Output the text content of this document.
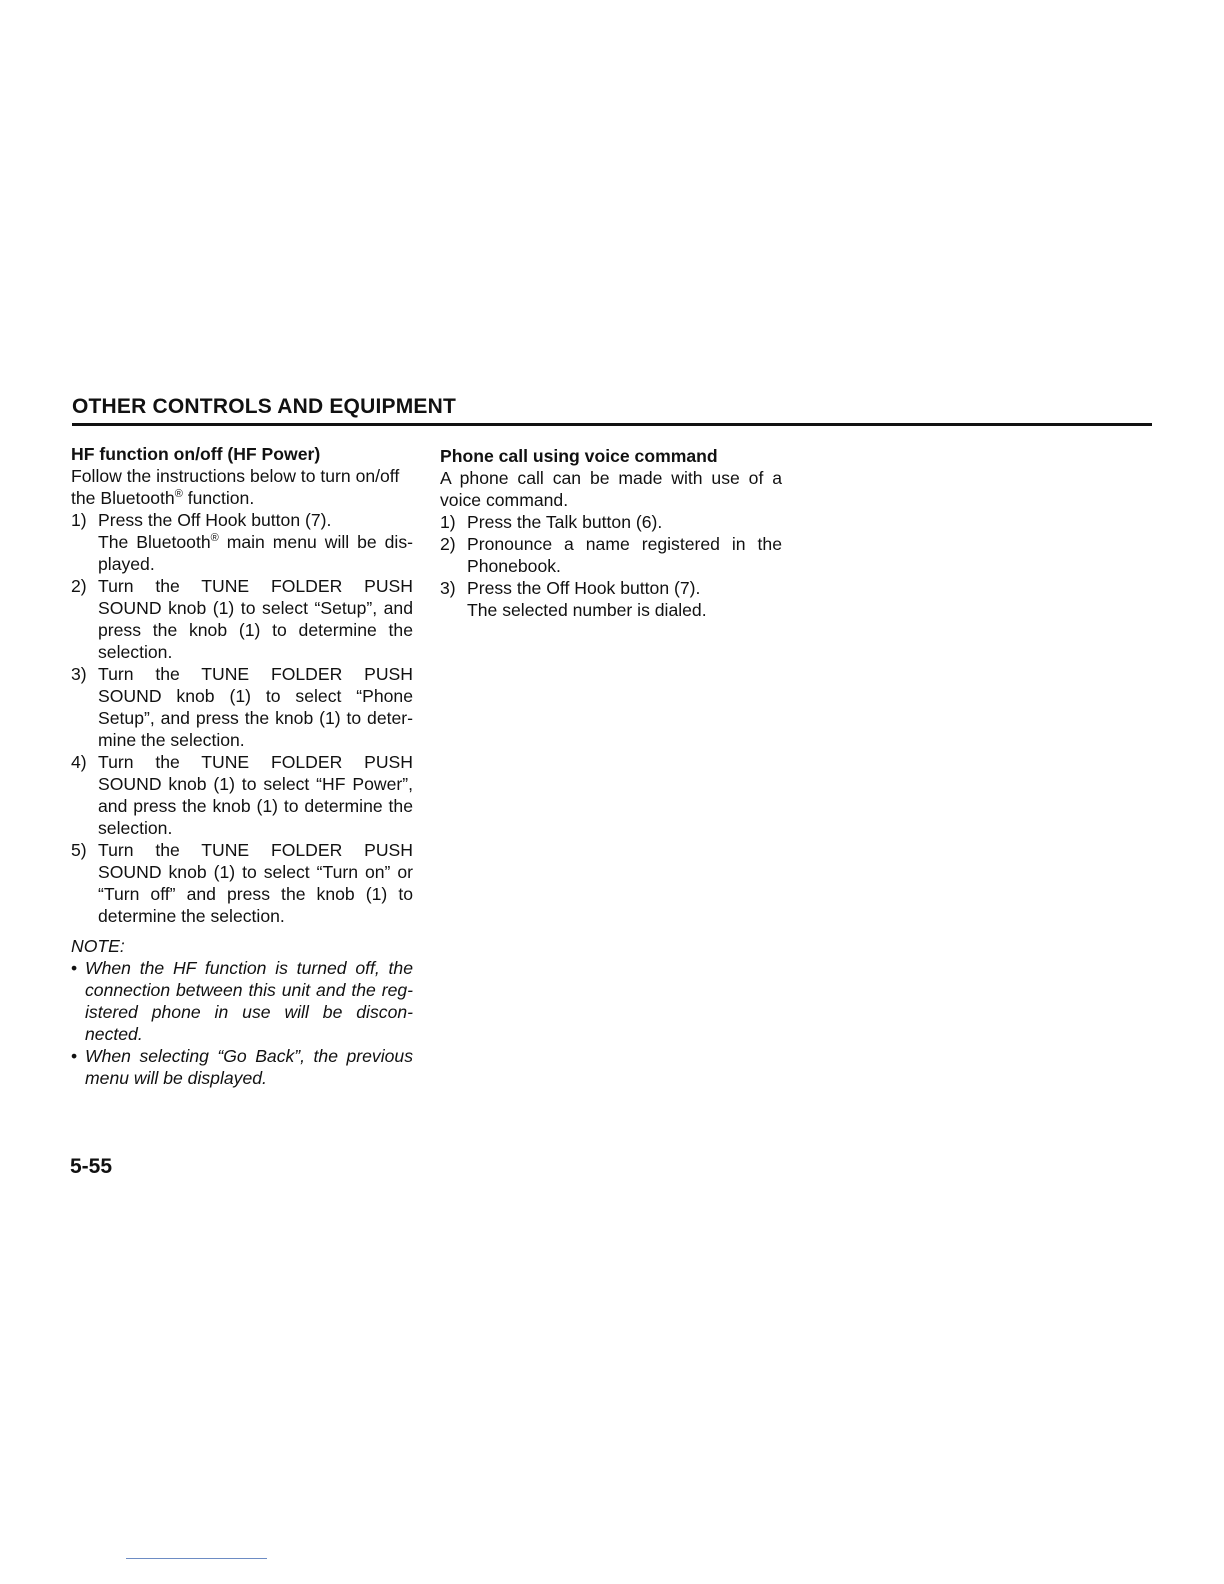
OTHER CONTROLS AND EQUIPMENT
HF function on/off (HF Power)

Follow the instructions below to turn on/off
the Bluetooth® function.

1) Press the Off Hook button (7).
The Bluetooth® main menu will be dis-played.
2) Turn the TUNE FOLDER PUSH SOUND knob (1) to select “Setup”, and press the knob (1) to determine the selection.
3) Turn the TUNE FOLDER PUSH SOUND knob (1) to select “Phone Setup”, and press the knob (1) to deter-mine the selection.
4) Turn the TUNE FOLDER PUSH SOUND knob (1) to select “HF Power”, and press the knob (1) to determine the selection.
5) Turn the TUNE FOLDER PUSH SOUND knob (1) to select “Turn on” or “Turn off” and press the knob (1) to determine the selection.

NOTE:

• When the HF function is turned off, the connection between this unit and the reg-istered phone in use will be discon-nected.
• When selecting “Go Back”, the previous menu will be displayed.
Phone call using voice command

A phone call can be made with use of a voice command.

1) Press the Talk button (6).
2) Pronounce a name registered in the Phonebook.
3) Press the Off Hook button (7).
The selected number is dialed.

5-55
